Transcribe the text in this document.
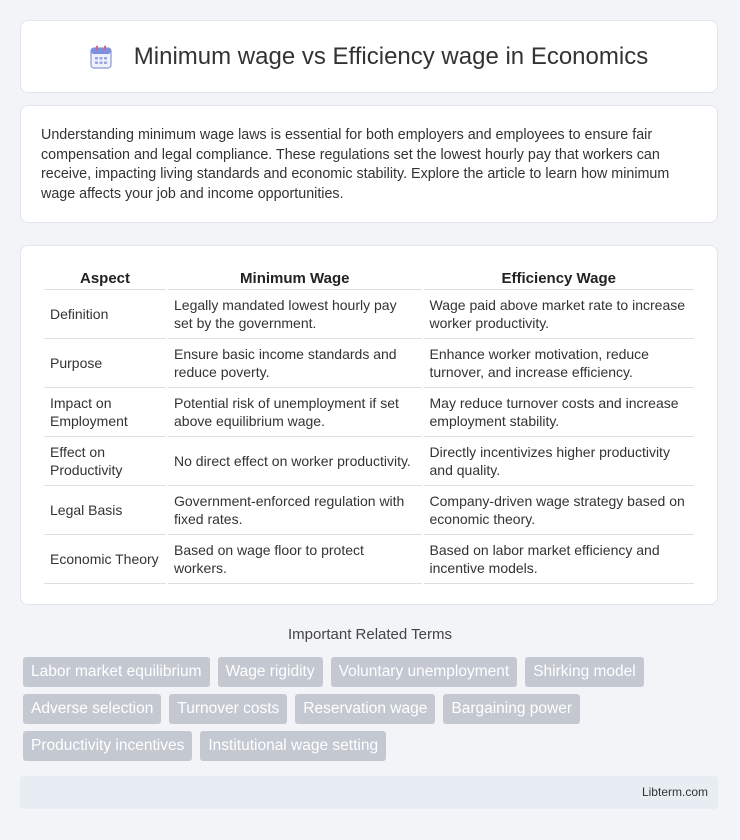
Minimum wage vs Efficiency wage in Economics

Understanding minimum wage laws is essential for both employers and employees to ensure fair compensation and legal compliance. These regulations set the lowest hourly pay that workers can receive, impacting living standards and economic stability. Explore the article to learn how minimum wage affects your job and income opportunities.

Aspect	Minimum Wage	Efficiency Wage
Definition	Legally mandated lowest hourly pay set by the government.	Wage paid above market rate to increase worker productivity.
Purpose	Ensure basic income standards and reduce poverty.	Enhance worker motivation, reduce turnover, and increase efficiency.
Impact on Employment	Potential risk of unemployment if set above equilibrium wage.	May reduce turnover costs and increase employment stability.
Effect on Productivity	No direct effect on worker productivity.	Directly incentivizes higher productivity and quality.
Legal Basis	Government-enforced regulation with fixed rates.	Company-driven wage strategy based on economic theory.
Economic Theory	Based on wage floor to protect workers.	Based on labor market efficiency and incentive models.
Important Related Terms
Labor market equilibrium	Wage rigidity	Voluntary unemployment	Shirking model
Adverse selection	Turnover costs	Reservation wage	Bargaining power
Productivity incentives	Institutional wage setting
Libterm.com
